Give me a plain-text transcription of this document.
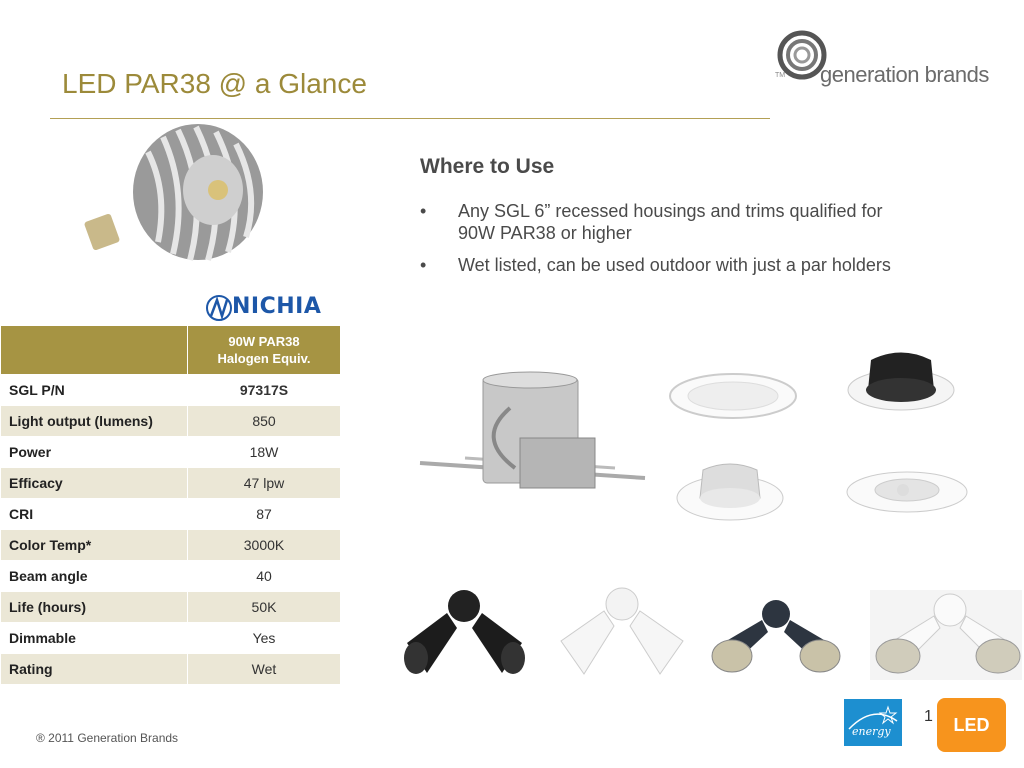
LED PAR38 @ a Glance	TM generation brands
NICHIA
Where to Use
• Any SGL 6” recessed housings and trims qualified for 90W PAR38 or higher
• Wet listed, can be used outdoor with just a par holders
	90W PAR38
Halogen Equiv.
SGL P/N	97317S
Light output (lumens)	850
Power	18W
Efficacy	47 lpw
CRI	87
Color Temp*	3000K
Beam angle	40
Life (hours)	50K
Dimmable	Yes
Rating	Wet
® 2011 Generation Brands	energy
1	LED
